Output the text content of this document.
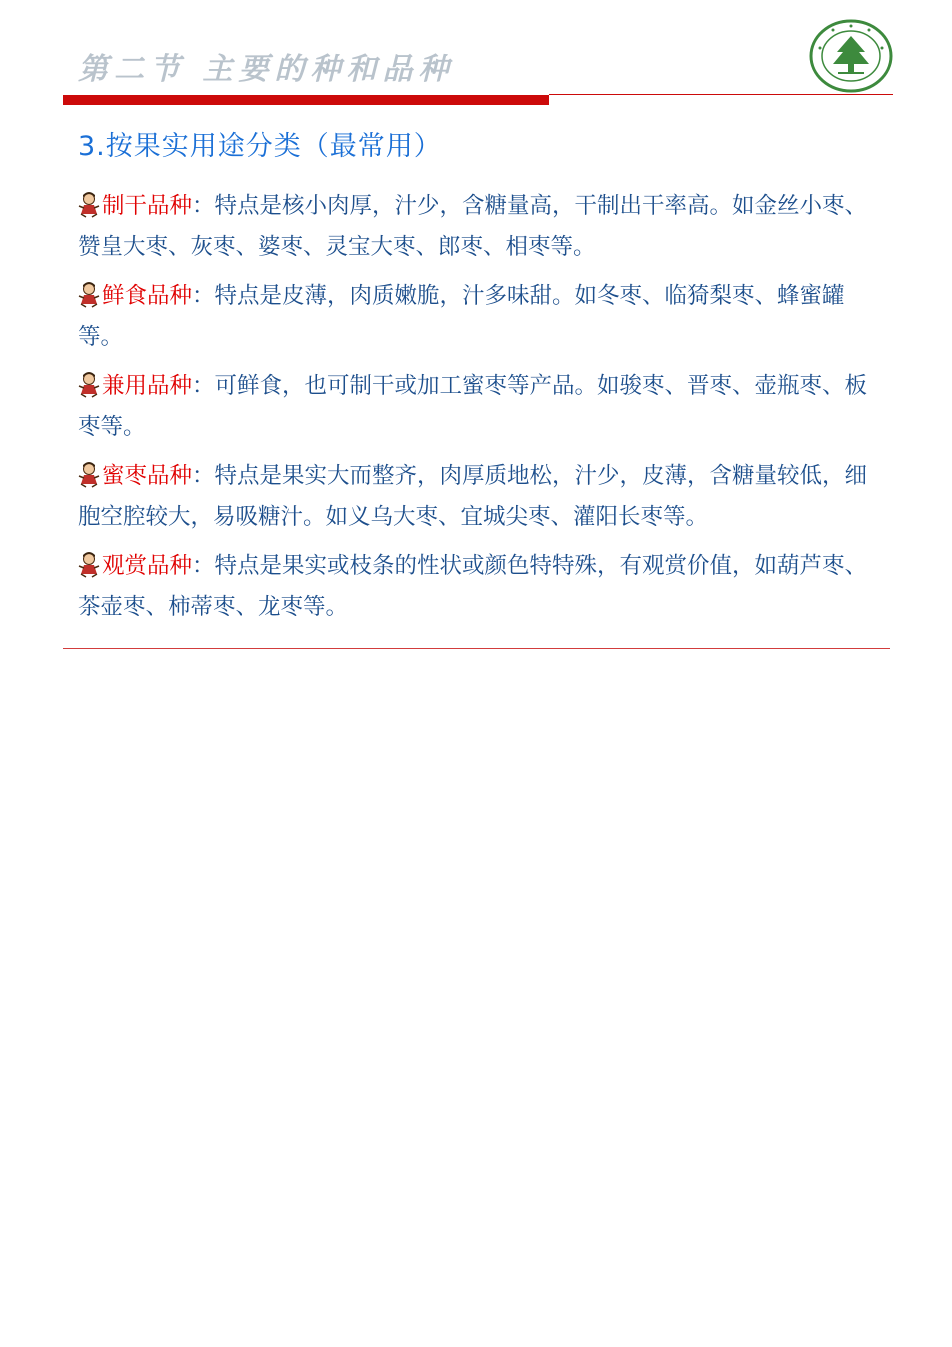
第二节 主要的种和品种
3.按果实用途分类（最常用）
制干品种：特点是核小肉厚，汁少，含糖量高，干制出干率高。如金丝小枣、赞皇大枣、灰枣、婆枣、灵宝大枣、郎枣、相枣等。
鲜食品种：特点是皮薄，肉质嫩脆，汁多味甜。如冬枣、临猗梨枣、蜂蜜罐等。
兼用品种：可鲜食，也可制干或加工蜜枣等产品。如骏枣、晋枣、壶瓶枣、板枣等。
蜜枣品种：特点是果实大而整齐，肉厚质地松，汁少，皮薄，含糖量较低，细胞空腔较大，易吸糖汁。如义乌大枣、宜城尖枣、灌阳长枣等。
观赏品种：特点是果实或枝条的性状或颜色特特殊，有观赏价值，如葫芦枣、茶壶枣、柿蒂枣、龙枣等。
